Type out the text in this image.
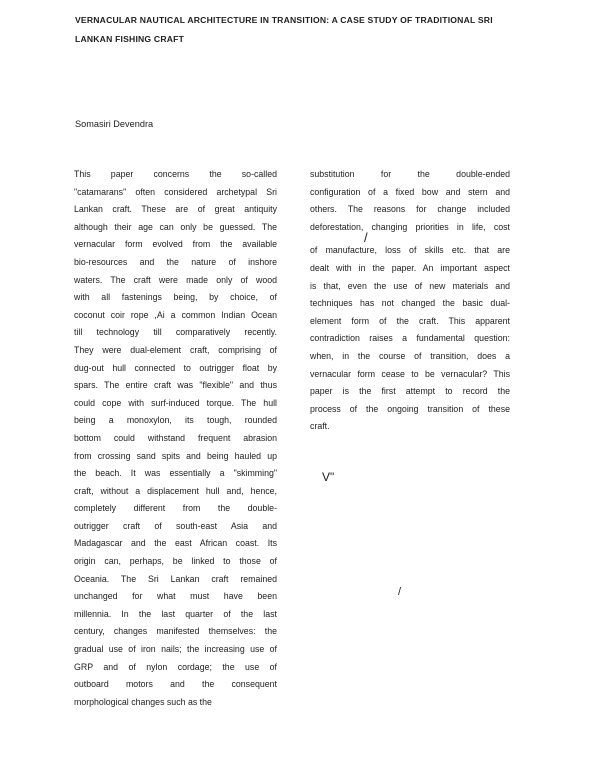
VERNACULAR NAUTICAL ARCHITECTURE IN TRANSITION: A CASE STUDY OF TRADITIONAL SRI
LANKAN FISHING CRAFT
Somasiri Devendra
This paper concerns the so-called
"catamarans" often considered archetypal Sri
Lankan craft. These are of great antiquity
although their age can only be guessed. The
vernacular form evolved from the available
bio-resources and the nature of inshore
waters. The craft were made only of wood
with all fastenings being, by choice, of
coconut coir rope ,Ai a common Indian Ocean
till technology till comparatively recently.
They were dual-element craft, comprising of
dug-out hull connected to outrigger float by
spars. The entire craft was "flexible" and thus
could cope with surf-induced torque. The hull
being a monoxylon, its tough, rounded
bottom could withstand frequent abrasion
from crossing sand spits and being hauled up
the beach. It was essentially a "skimming"
craft, without a displacement hull and, hence,
completely different from the double-
outrigger craft of south-east Asia and
Madagascar and the east African coast. Its
origin can, perhaps, be linked to those of
Oceania. The Sri Lankan craft remained
unchanged for what must have been
millennia. In the last quarter of the last
century, changes manifested themselves: the
gradual use of iron nails; the increasing use of
GRP and of nylon cordage; the use of
outboard motors and the consequent
morphological changes such as the
substitution for the double-ended
configuration of a fixed bow and stern and
others. The reasons for change included
deforestation, changing priorities in life, cost
of manufacture, loss of skills etc. that are
dealt with in the paper. An important aspect
is that, even the use of new materials and
techniques has not changed the basic dual-
element form of the craft. This apparent
contradiction raises a fundamental question:
when, in the course of transition, does a
vernacular form cease to be vernacular? This
paper is the first attempt to record the
process of the ongoing transition of these
craft.
/
V"
/
